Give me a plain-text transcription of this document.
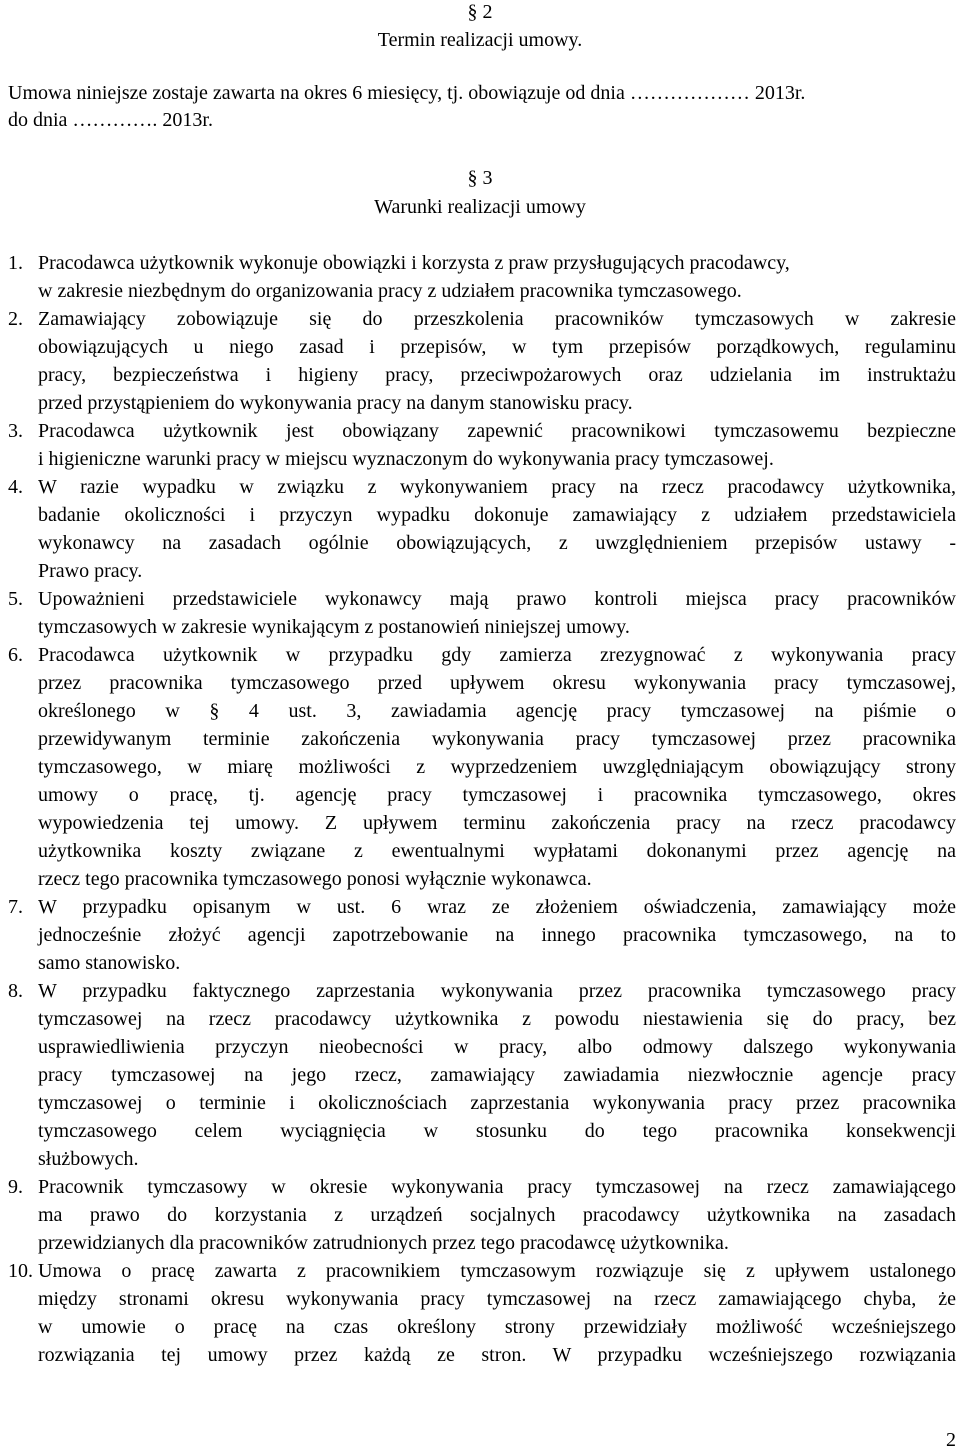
§ 2
Termin realizacji umowy.
Umowa niniejsze zostaje zawarta na okres 6 miesięcy, tj. obowiązuje od dnia ……………… 2013r.
do dnia …………. 2013r.
§ 3
Warunki realizacji umowy
1. Pracodawca użytkownik wykonuje obowiązki i korzysta z praw przysługujących pracodawcy,
w zakresie niezbędnym do organizowania pracy z udziałem pracownika tymczasowego.
2. Zamawiający zobowiązuje się do przeszkolenia pracowników tymczasowych w zakresie
obowiązujących u niego zasad i przepisów, w tym przepisów porządkowych, regulaminu
pracy, bezpieczeństwa i higieny pracy, przeciwpożarowych oraz udzielania im instruktażu
przed przystąpieniem do wykonywania pracy na danym stanowisku pracy.
3. Pracodawca użytkownik jest obowiązany zapewnić pracownikowi tymczasowemu bezpieczne
i higieniczne warunki pracy w miejscu wyznaczonym do wykonywania pracy tymczasowej.
4. W razie wypadku w związku z wykonywaniem pracy na rzecz pracodawcy użytkownika,
badanie okoliczności i przyczyn wypadku dokonuje zamawiający z udziałem przedstawiciela
wykonawcy na zasadach ogólnie obowiązujących, z uwzględnieniem przepisów ustawy -
Prawo pracy.
5. Upoważnieni przedstawiciele wykonawcy mają prawo kontroli miejsca pracy pracowników
tymczasowych w zakresie wynikającym z postanowień niniejszej umowy.
6. Pracodawca użytkownik w przypadku gdy zamierza zrezygnować z wykonywania pracy
przez pracownika tymczasowego przed upływem okresu wykonywania pracy tymczasowej,
określonego w § 4 ust. 3, zawiadamia agencję pracy tymczasowej na piśmie o
przewidywanym terminie zakończenia wykonywania pracy tymczasowej przez pracownika
tymczasowego, w miarę możliwości z wyprzedzeniem uwzględniającym obowiązujący strony
umowy o pracę, tj. agencję pracy tymczasowej i pracownika tymczasowego, okres
wypowiedzenia tej umowy. Z upływem terminu zakończenia pracy na rzecz pracodawcy
użytkownika koszty związane z ewentualnymi wypłatami dokonanymi przez agencję na
rzecz tego pracownika tymczasowego ponosi wyłącznie wykonawca.
7. W przypadku opisanym w ust. 6 wraz ze złożeniem oświadczenia, zamawiający może
jednocześnie złożyć agencji zapotrzebowanie na innego pracownika tymczasowego, na to
samo stanowisko.
8. W przypadku faktycznego zaprzestania wykonywania przez pracownika tymczasowego pracy
tymczasowej na rzecz pracodawcy użytkownika z powodu niestawienia się do pracy, bez
usprawiedliwienia przyczyn nieobecności w pracy, albo odmowy dalszego wykonywania
pracy tymczasowej na jego rzecz, zamawiający zawiadamia niezwłocznie agencje pracy
tymczasowej o terminie i okolicznościach zaprzestania wykonywania pracy przez pracownika
tymczasowego celem wyciągnięcia w stosunku do tego pracownika konsekwencji
służbowych.
9. Pracownik tymczasowy w okresie wykonywania pracy tymczasowej na rzecz zamawiającego
ma prawo do korzystania z urządzeń socjalnych pracodawcy użytkownika na zasadach
przewidzianych dla pracowników zatrudnionych przez tego pracodawcę użytkownika.
10. Umowa o pracę zawarta z pracownikiem tymczasowym rozwiązuje się z upływem ustalonego
między stronami okresu wykonywania pracy tymczasowej na rzecz zamawiającego chyba, że
w umowie o pracę na czas określony strony przewidziały możliwość wcześniejszego
rozwiązania tej umowy przez każdą ze stron. W przypadku wcześniejszego rozwiązania
2
